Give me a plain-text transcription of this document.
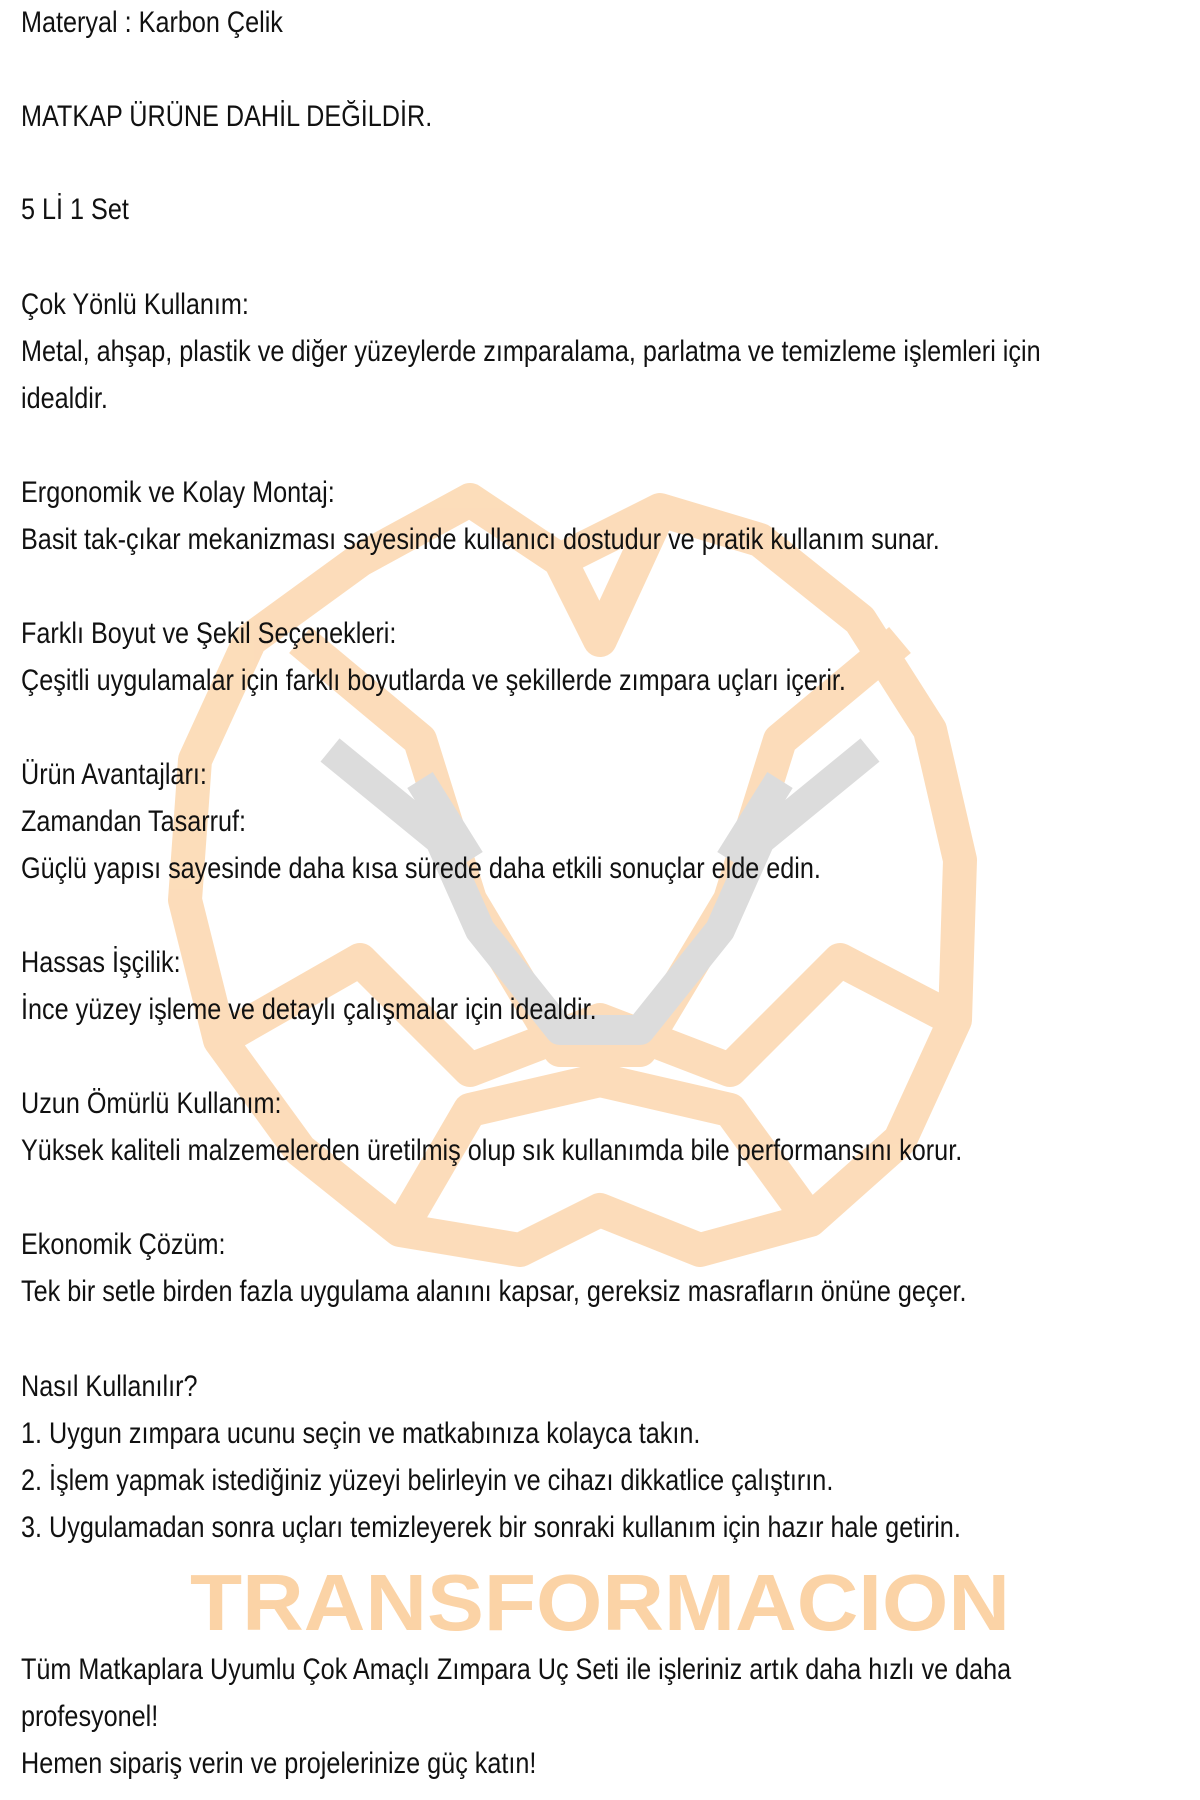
TRANSFORMACION
Materyal : Karbon Çelik
MATKAP ÜRÜNE DAHİL DEĞİLDİR.
5 Lİ 1 Set
Çok Yönlü Kullanım:
Metal, ahşap, plastik ve diğer yüzeylerde zımparalama, parlatma ve temizleme işlemleri için
idealdir.
Ergonomik ve Kolay Montaj:
Basit tak-çıkar mekanizması sayesinde kullanıcı dostudur ve pratik kullanım sunar.
Farklı Boyut ve Şekil Seçenekleri:
Çeşitli uygulamalar için farklı boyutlarda ve şekillerde zımpara uçları içerir.
Ürün Avantajları:
Zamandan Tasarruf:
Güçlü yapısı sayesinde daha kısa sürede daha etkili sonuçlar elde edin.
Hassas İşçilik:
İnce yüzey işleme ve detaylı çalışmalar için idealdir.
Uzun Ömürlü Kullanım:
Yüksek kaliteli malzemelerden üretilmiş olup sık kullanımda bile performansını korur.
Ekonomik Çözüm:
Tek bir setle birden fazla uygulama alanını kapsar, gereksiz masrafların önüne geçer.
Nasıl Kullanılır?
1. Uygun zımpara ucunu seçin ve matkabınıza kolayca takın.
2. İşlem yapmak istediğiniz yüzeyi belirleyin ve cihazı dikkatlice çalıştırın.
3. Uygulamadan sonra uçları temizleyerek bir sonraki kullanım için hazır hale getirin.
Tüm Matkaplara Uyumlu Çok Amaçlı Zımpara Uç Seti ile işleriniz artık daha hızlı ve daha
profesyonel!
Hemen sipariş verin ve projelerinize güç katın!
